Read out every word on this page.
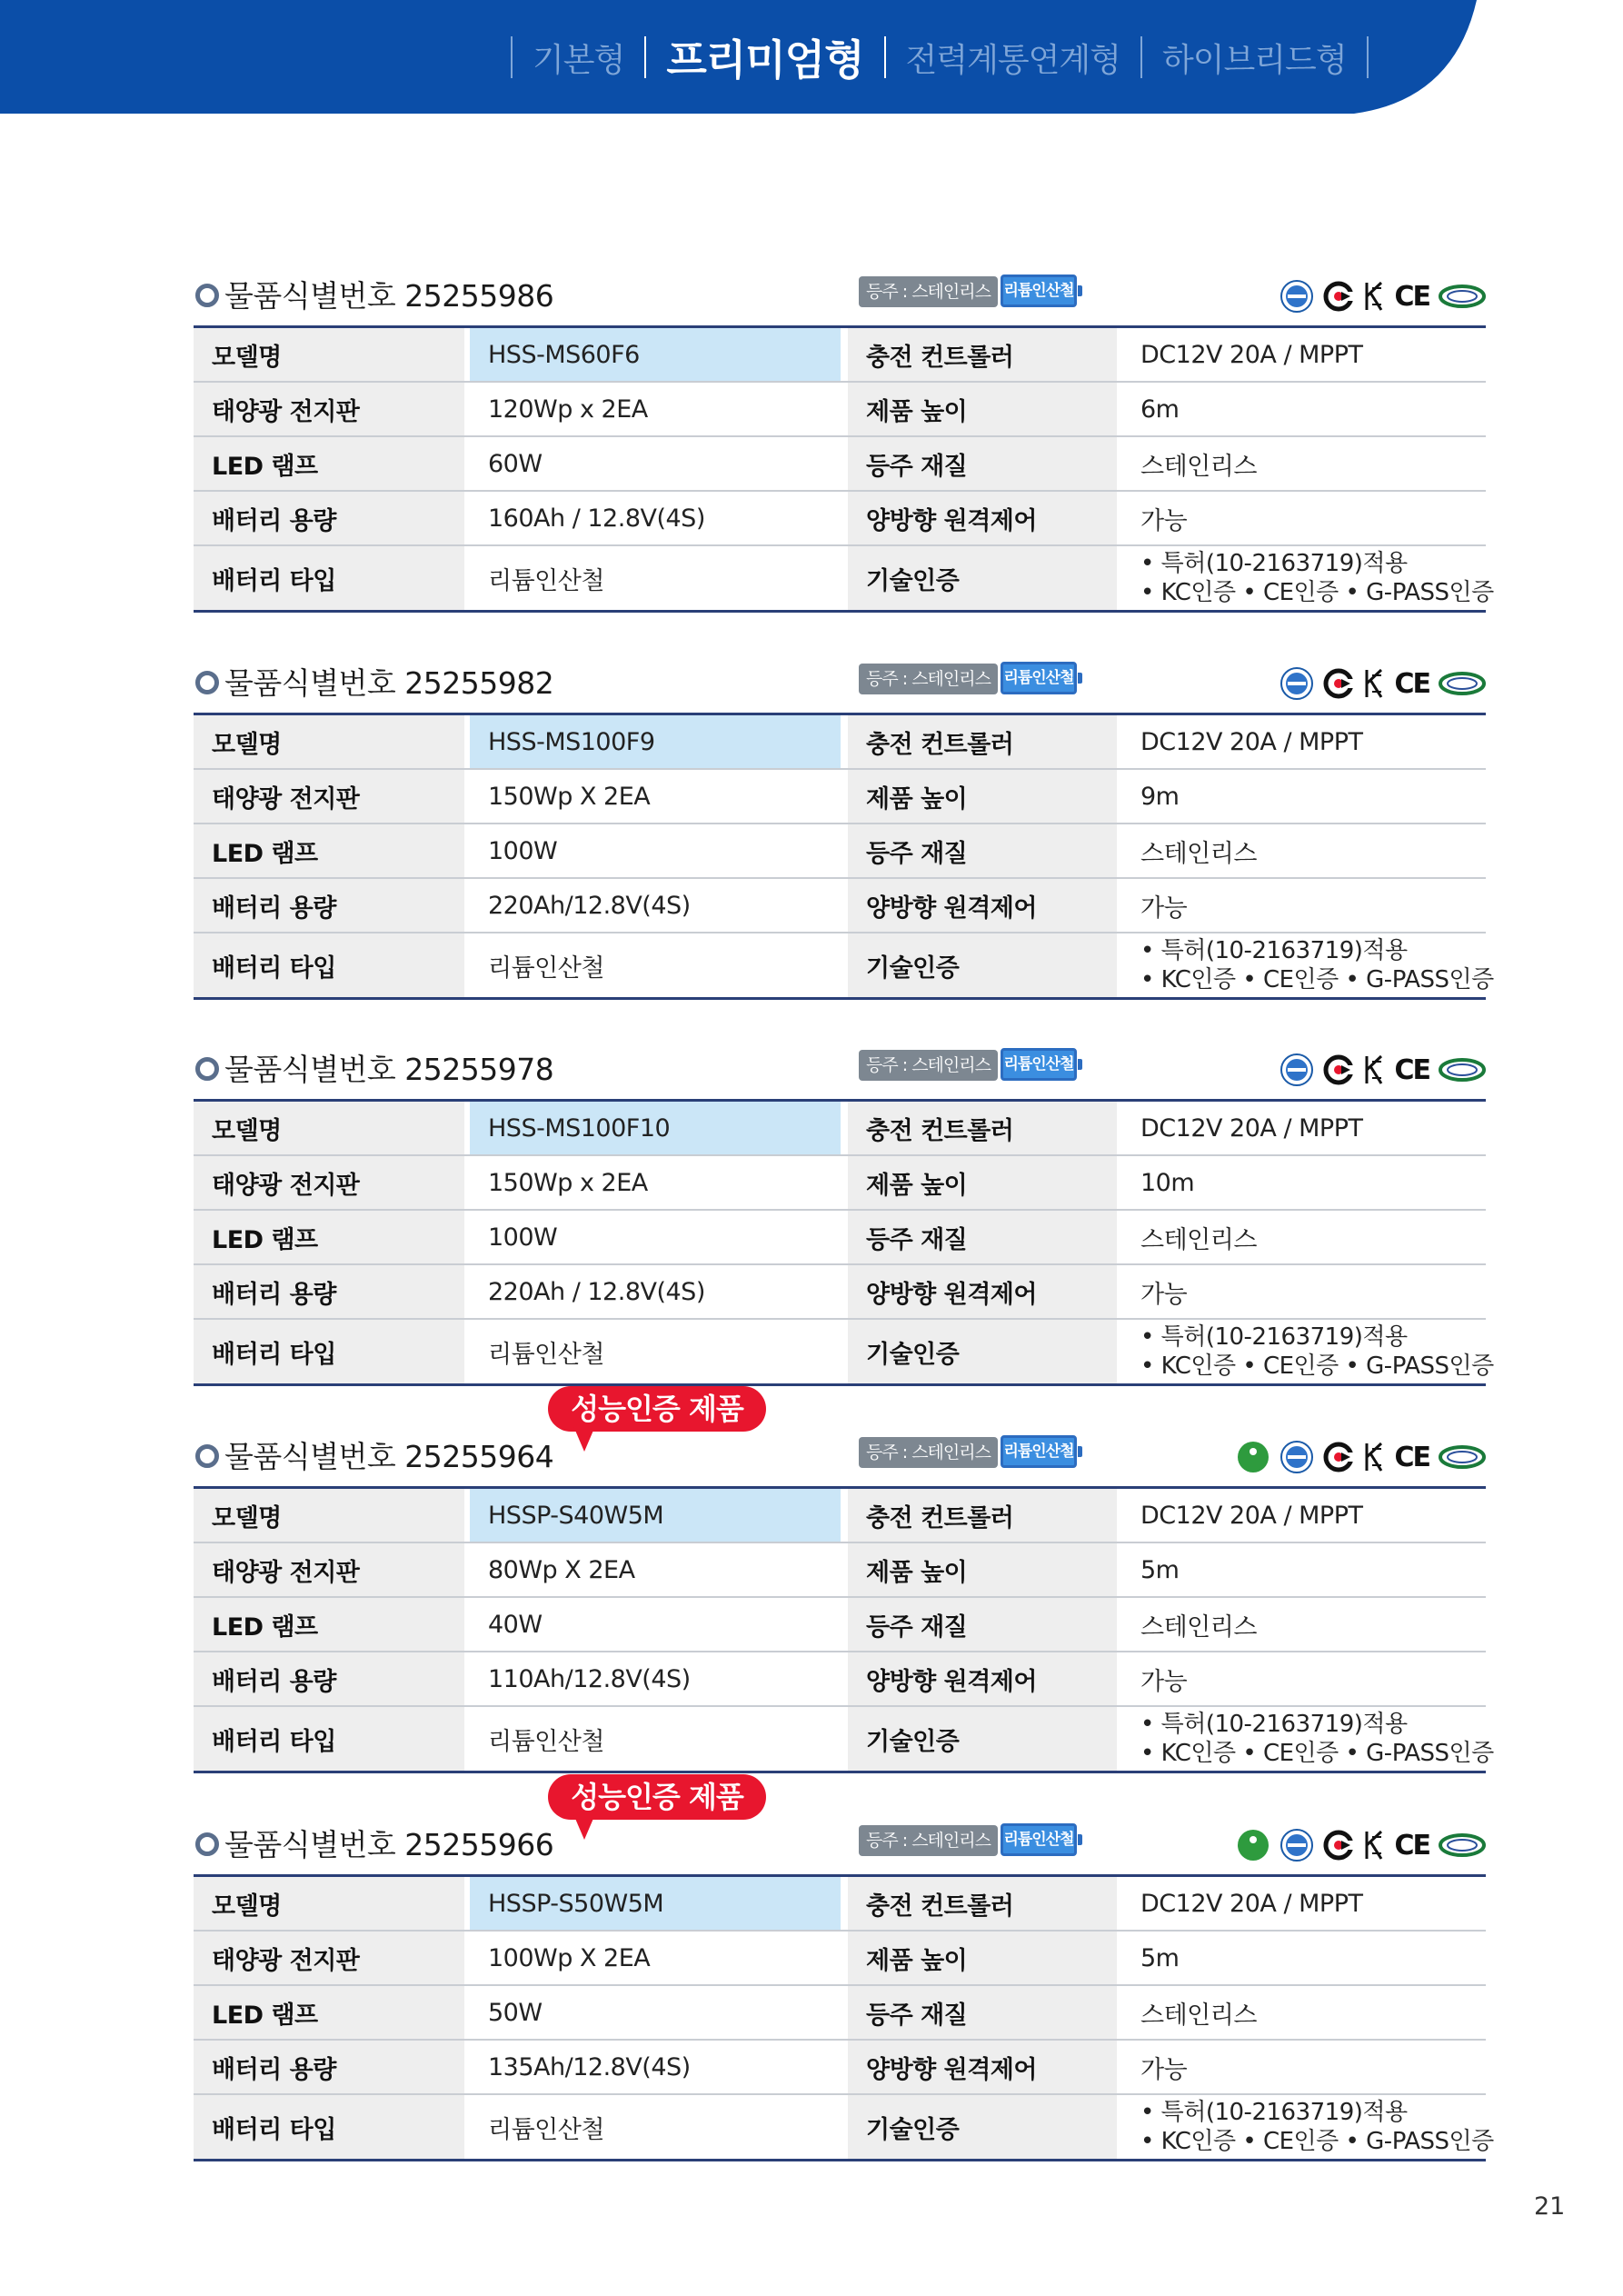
기본형 프리미엄형 전력계통연계형 하이브리드형
물품식별번호 25255986	등주 : 스테인리스 리튬인산철	CE
모델명		HSS-MS60F6		충전 컨트롤러		DC12V 20A / MPPT
태양광 전지판		120Wp x 2EA		제품 높이		6m
LED 램프		60W		등주 재질		스테인리스
배터리 용량		160Ah / 12.8V(4S)		양방향 원격제어		가능
배터리 타입		리튬인산철		기술인증		• 특허(10-2163719)적용
• KC인증 • CE인증 • G-PASS인증
물품식별번호 25255982	등주 : 스테인리스 리튬인산철	CE
모델명		HSS-MS100F9		충전 컨트롤러		DC12V 20A / MPPT
태양광 전지판		150Wp X 2EA		제품 높이		9m
LED 램프		100W		등주 재질		스테인리스
배터리 용량		220Ah/12.8V(4S)		양방향 원격제어		가능
배터리 타입		리튬인산철		기술인증		• 특허(10-2163719)적용
• KC인증 • CE인증 • G-PASS인증
물품식별번호 25255978	등주 : 스테인리스 리튬인산철	CE
모델명		HSS-MS100F10		충전 컨트롤러		DC12V 20A / MPPT
태양광 전지판		150Wp x 2EA		제품 높이		10m
LED 램프		100W		등주 재질		스테인리스
배터리 용량		220Ah / 12.8V(4S)		양방향 원격제어		가능
배터리 타입		리튬인산철		기술인증		• 특허(10-2163719)적용
• KC인증 • CE인증 • G-PASS인증
물품식별번호 25255964
성능인증 제품
등주 : 스테인리스 리튬인산철	CE
모델명		HSSP-S40W5M		충전 컨트롤러		DC12V 20A / MPPT
태양광 전지판		80Wp X 2EA		제품 높이		5m
LED 램프		40W		등주 재질		스테인리스
배터리 용량		110Ah/12.8V(4S)		양방향 원격제어		가능
배터리 타입		리튬인산철		기술인증		• 특허(10-2163719)적용
• KC인증 • CE인증 • G-PASS인증
물품식별번호 25255966
성능인증 제품
등주 : 스테인리스 리튬인산철	CE
모델명		HSSP-S50W5M		충전 컨트롤러		DC12V 20A / MPPT
태양광 전지판		100Wp X 2EA		제품 높이		5m
LED 램프		50W		등주 재질		스테인리스
배터리 용량		135Ah/12.8V(4S)		양방향 원격제어		가능
배터리 타입		리튬인산철		기술인증		• 특허(10-2163719)적용
• KC인증 • CE인증 • G-PASS인증
21
